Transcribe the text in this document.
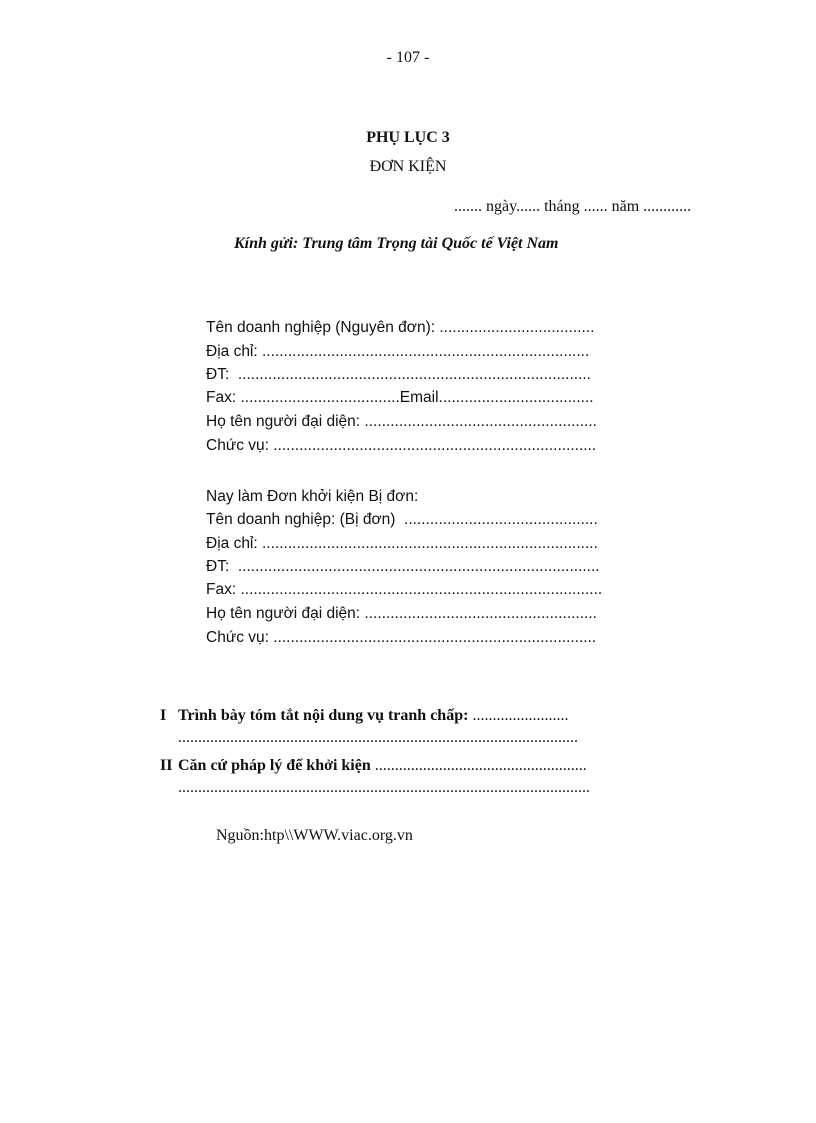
- 107 -
PHỤ LỤC 3
ĐƠN KIỆN
....... ngày...... tháng ...... năm ............
Kính gửi: Trung tâm Trọng tài Quốc tế Việt Nam
Tên doanh nghiệp (Nguyên đơn): ....................................
Địa chỉ: ............................................................................
ĐT:  ..................................................................................
Fax: .....................................Email....................................
Họ tên người đại diện: ......................................................
Chức vụ: ...........................................................................
Nay làm Đơn khởi kiện Bị đơn:
Tên doanh nghiệp: (Bị đơn)  .............................................
Địa chỉ: ..............................................................................
ĐT:  ....................................................................................
Fax: ....................................................................................
Họ tên người đại diện: ......................................................
Chức vụ: ...........................................................................
I Trình bày tóm tắt nội dung vụ tranh chấp: ........................
....................................................................................................
II Căn cứ pháp lý để khởi kiện .....................................................
.......................................................................................................
Nguồn:htp\\WWW.viac.org.vn
